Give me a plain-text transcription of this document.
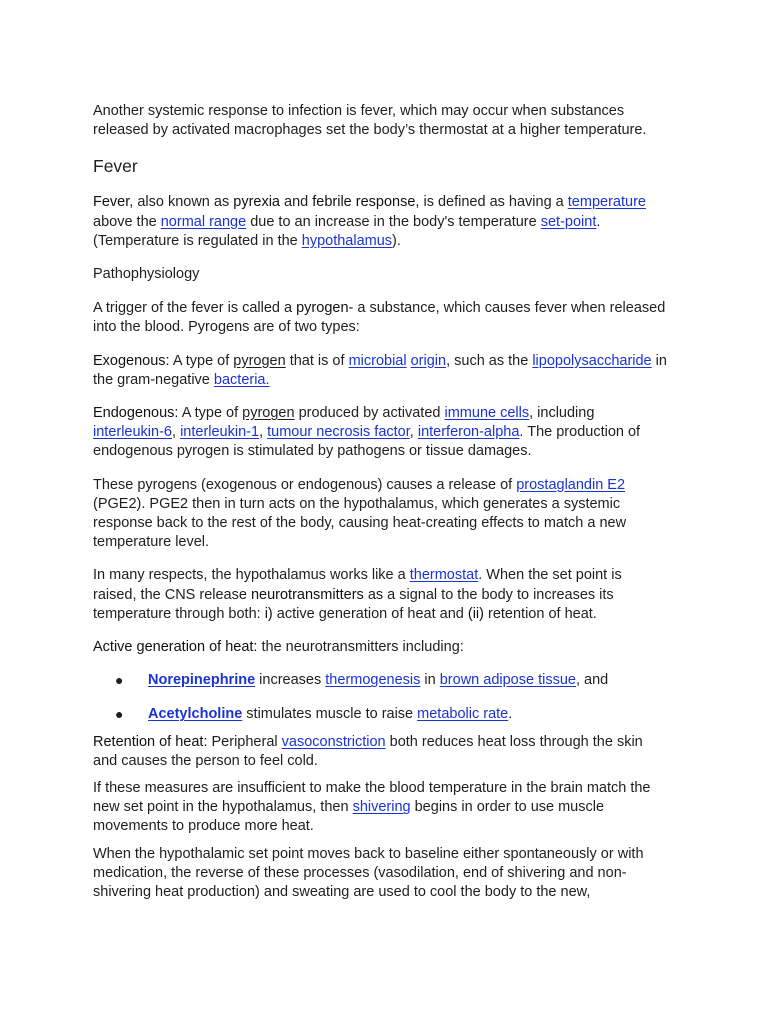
Another systemic response to infection is fever, which may occur when substances released by activated macrophages set the body’s thermostat at a higher temperature.

Fever

Fever, also known as pyrexia and febrile response, is defined as having a temperature above the normal range due to an increase in the body's temperature set-point. (Temperature is regulated in the hypothalamus).

Pathophysiology

A trigger of the fever is called a pyrogen- a substance, which causes fever when released into the blood. Pyrogens are of two types:

Exogenous: A type of pyrogen that is of microbial origin, such as the lipopolysaccharide in the gram-negative bacteria.

Endogenous: A type of pyrogen produced by activated immune cells, including interleukin-6, interleukin-1, tumour necrosis factor, interferon-alpha. The production of endogenous pyrogen is stimulated by pathogens or tissue damages.

These pyrogens (exogenous or endogenous) causes a release of prostaglandin E2 (PGE2). PGE2 then in turn acts on the hypothalamus, which generates a systemic response back to the rest of the body, causing heat-creating effects to match a new temperature level.

In many respects, the hypothalamus works like a thermostat. When the set point is raised, the CNS release neurotransmitters as a signal to the body to increases its temperature through both: i) active generation of heat and (ii) retention of heat.

Active generation of heat: the neurotransmitters including:

● Norepinephrine increases thermogenesis in brown adipose tissue, and
● Acetylcholine stimulates muscle to raise metabolic rate.

Retention of heat: Peripheral vasoconstriction both reduces heat loss through the skin and causes the person to feel cold.

If these measures are insufficient to make the blood temperature in the brain match the new set point in the hypothalamus, then shivering begins in order to use muscle movements to produce more heat.

When the hypothalamic set point moves back to baseline either spontaneously or with medication, the reverse of these processes (vasodilation, end of shivering and non-shivering heat production) and sweating are used to cool the body to the new,
